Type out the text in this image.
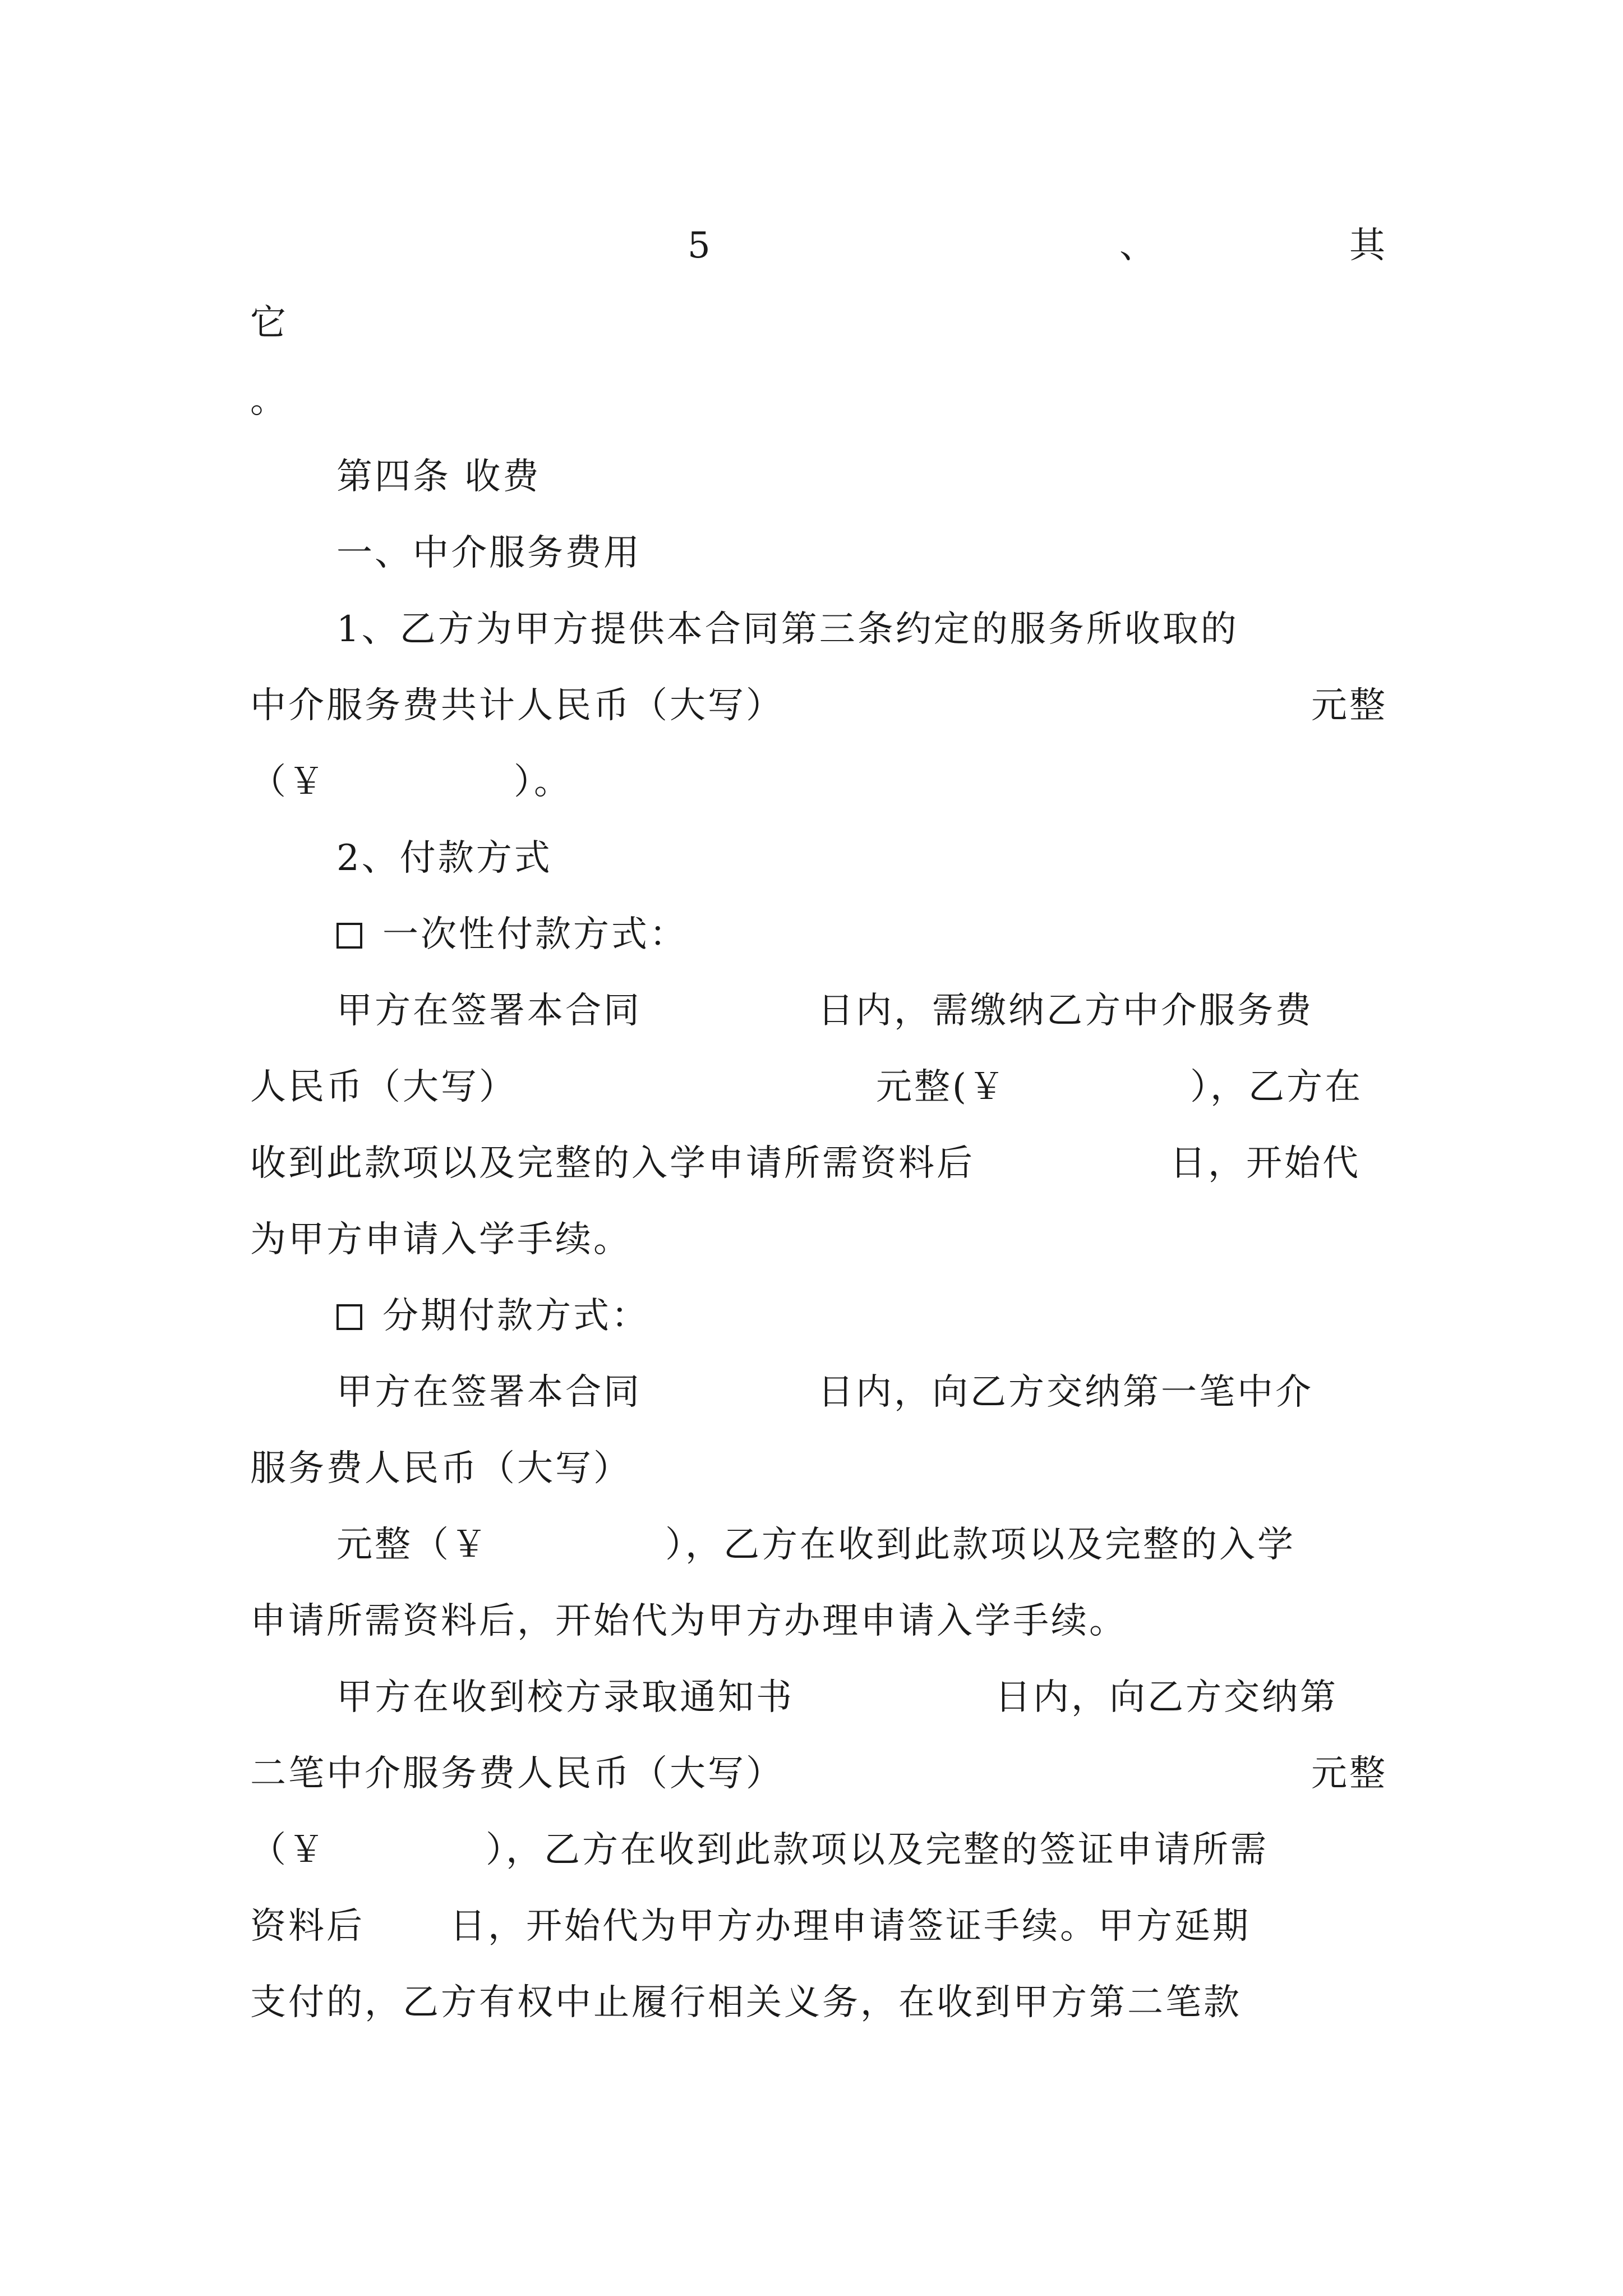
5	、	其
它
。
第四条 收费
一、中介服务费用
1、乙方为甲方提供本合同第三条约定的服务所收取的
中介服务费共计人民币（大写）	元整
（￥	）。
2、付款方式
一次性付款方式：
甲方在签署本合同	日内，需缴纳乙方中介服务费
人民币（大写）	元整(￥	），乙方在
收到此款项以及完整的入学申请所需资料后	日，开始代
为甲方申请入学手续。
分期付款方式：
甲方在签署本合同	日内，向乙方交纳第一笔中介
服务费人民币（大写）
元整（￥	），乙方在收到此款项以及完整的入学
申请所需资料后，开始代为甲方办理申请入学手续。
甲方在收到校方录取通知书	日内，向乙方交纳第
二笔中介服务费人民币（大写）	元整
（￥	），乙方在收到此款项以及完整的签证申请所需
资料后 日，开始代为甲方办理申请签证手续。甲方延期
支付的，乙方有权中止履行相关义务，在收到甲方第二笔款
